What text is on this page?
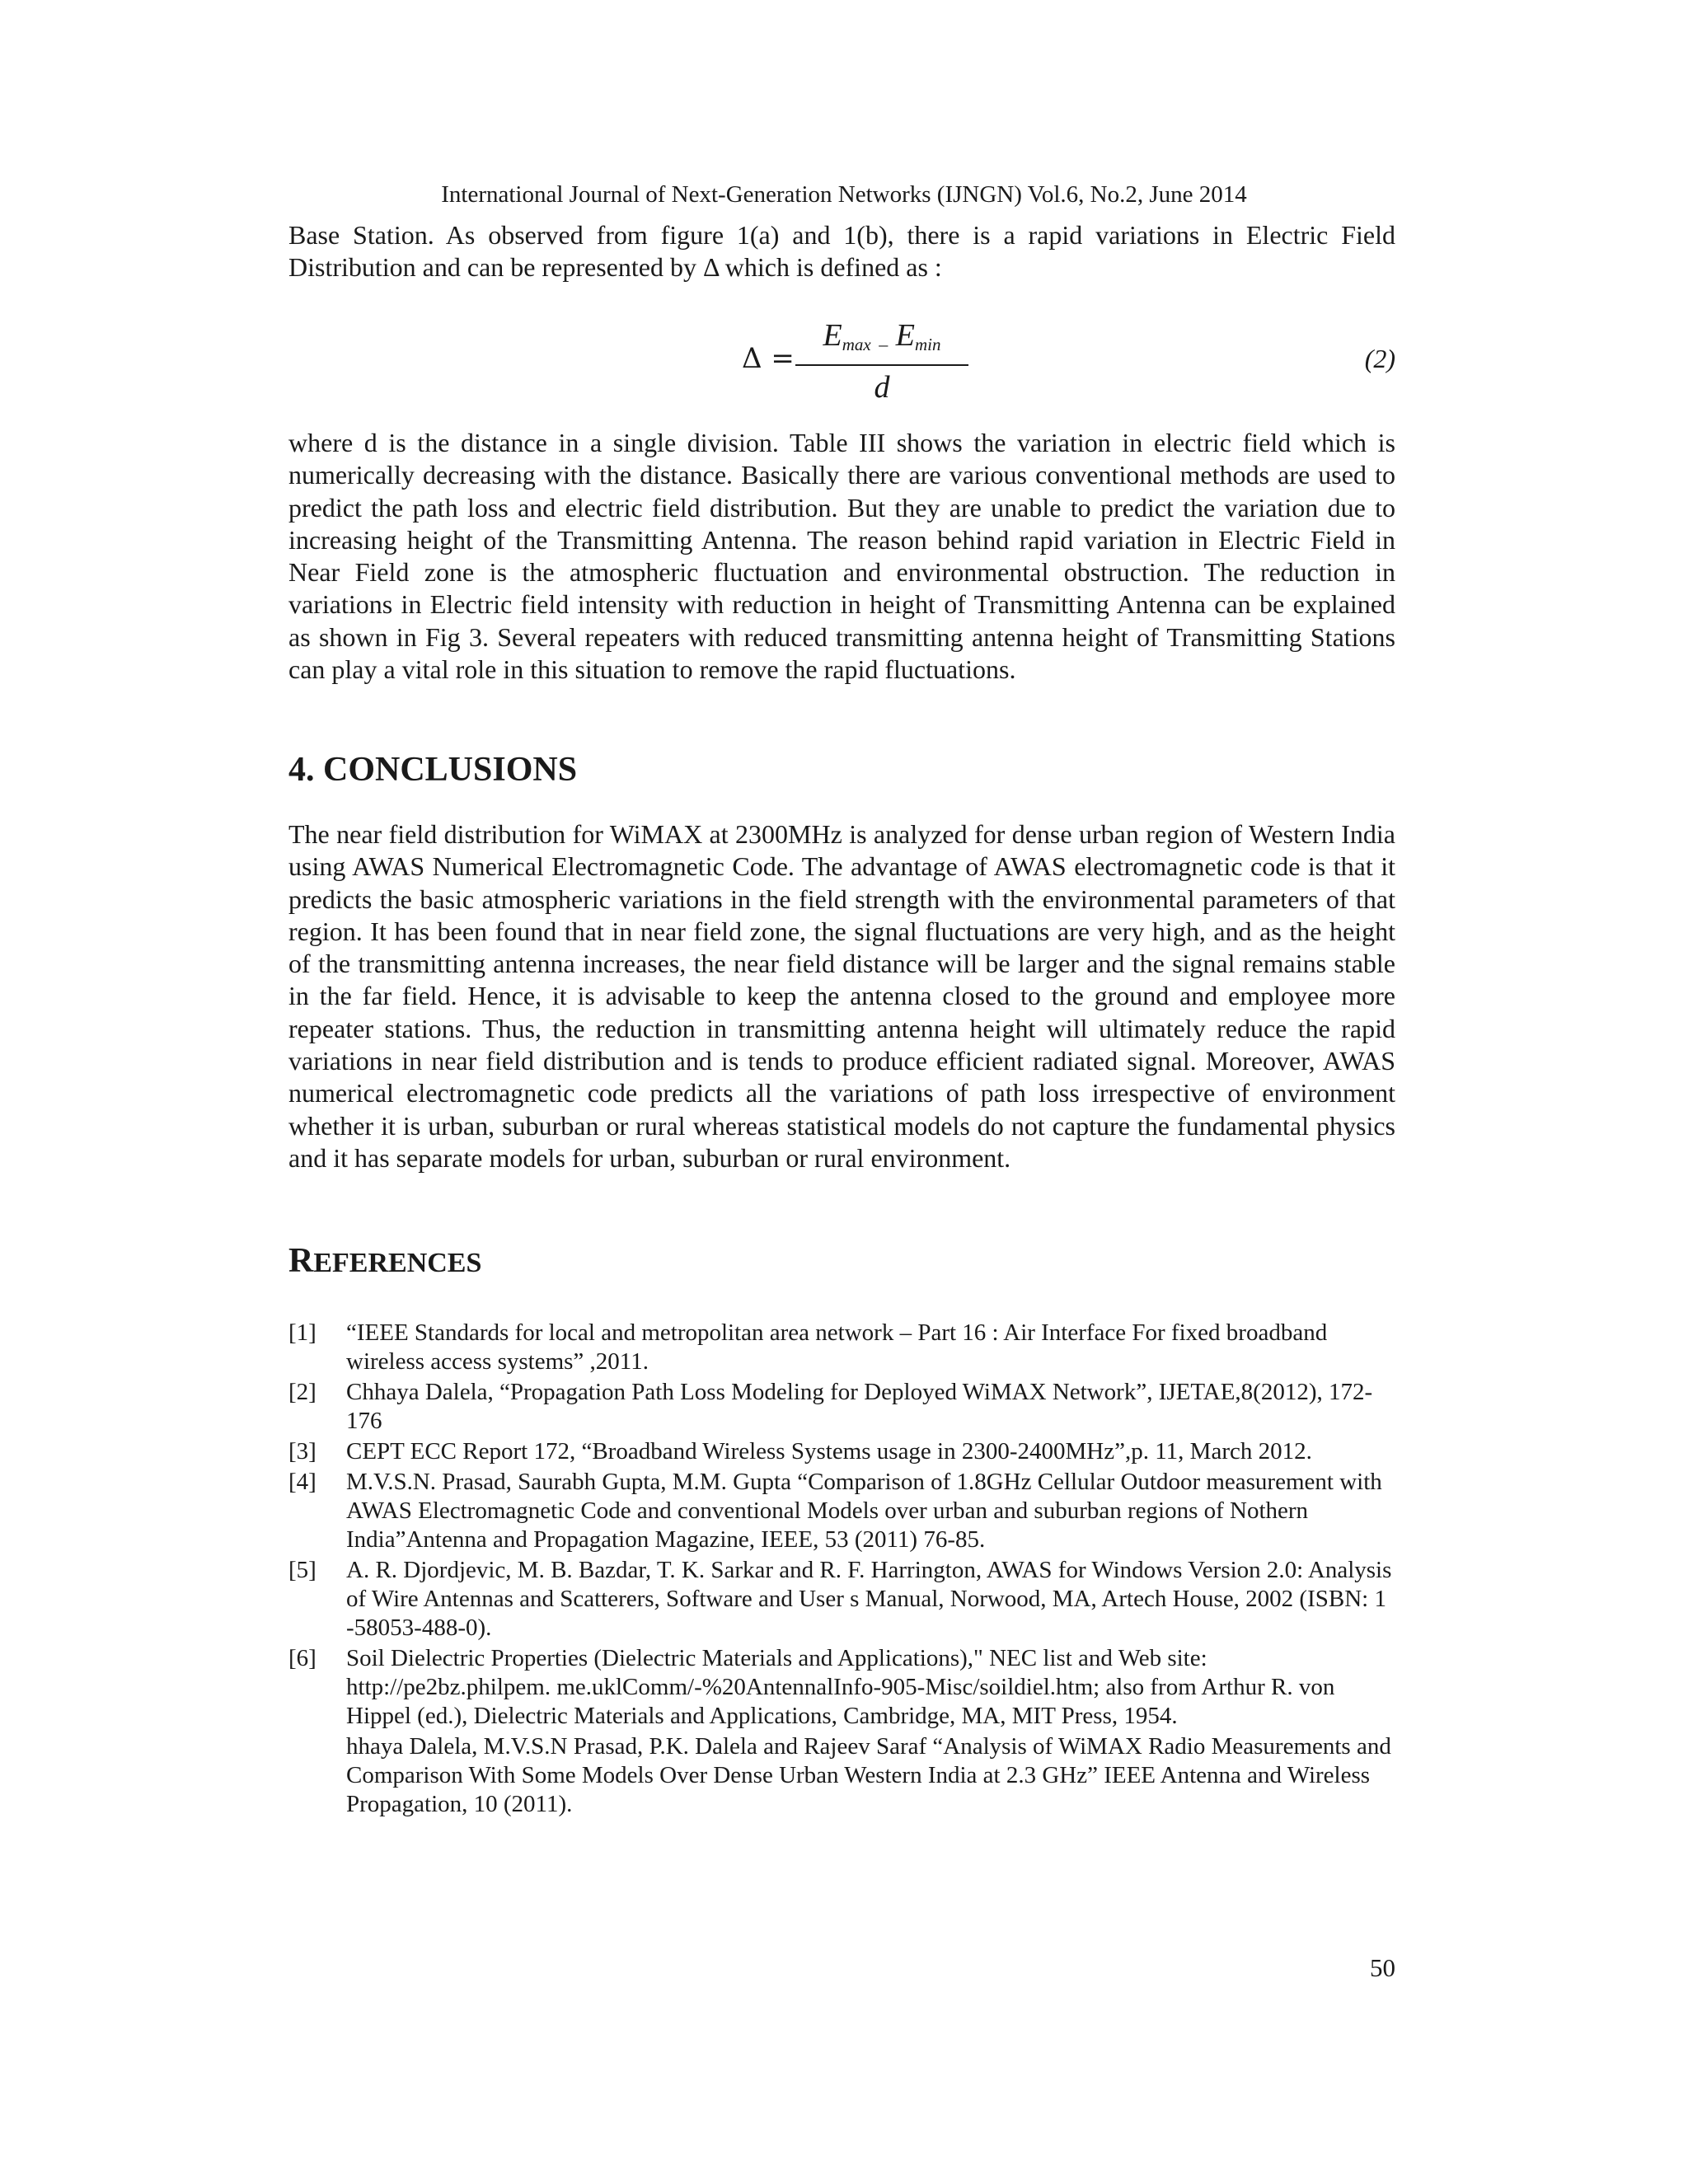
International Journal of Next-Generation Networks (IJNGN) Vol.6, No.2, June 2014

Base Station. As observed from figure 1(a) and 1(b), there is a rapid variations in Electric Field Distribution and can be represented by Δ which is defined as :

Δ =
$E_{max} - E_{min}$
d
(2)

where d is the distance in a single division. Table III shows the variation in electric field which is numerically decreasing with the distance. Basically there are various conventional methods are used to predict the path loss and electric field distribution. But they are unable to predict the variation due to increasing height of the Transmitting Antenna. The reason behind rapid variation in Electric Field in Near Field zone is the atmospheric fluctuation and environmental obstruction. The reduction in variations in Electric field intensity with reduction in height of Transmitting Antenna can be explained as shown in Fig 3. Several repeaters with reduced transmitting antenna height of Transmitting Stations can play a vital role in this situation to remove the rapid fluctuations.

4. CONCLUSIONS

The near field distribution for WiMAX at 2300MHz is analyzed for dense urban region of Western India using AWAS Numerical Electromagnetic Code. The advantage of AWAS electromagnetic code is that it predicts the basic atmospheric variations in the field strength with the environmental parameters of that region. It has been found that in near field zone, the signal fluctuations are very high, and as the height of the transmitting antenna increases, the near field distance will be larger and the signal remains stable in the far field. Hence, it is advisable to keep the antenna closed to the ground and employee more repeater stations. Thus, the reduction in transmitting antenna height will ultimately reduce the rapid variations in near field distribution and is tends to produce efficient radiated signal. Moreover, AWAS numerical electromagnetic code predicts all the variations of path loss irrespective of environment whether it is urban, suburban or rural whereas statistical models do not capture the fundamental physics and it has separate models for urban, suburban or rural environment.

REFERENCES
[1]	“IEEE Standards for local and metropolitan area network – Part 16 : Air Interface For fixed broadband wireless access systems” ,2011.
[2]	Chhaya Dalela, “Propagation Path Loss Modeling for Deployed WiMAX Network”, IJETAE,8(2012), 172-176
[3]	CEPT ECC Report 172, “Broadband Wireless Systems usage in 2300-2400MHz”,p. 11, March 2012.
[4]	M.V.S.N. Prasad, Saurabh Gupta, M.M. Gupta “Comparison of 1.8GHz Cellular Outdoor measurement with AWAS Electromagnetic Code and conventional Models over urban and suburban regions of Nothern India”Antenna and Propagation Magazine, IEEE, 53 (2011) 76-85.
[5]	A. R. Djordjevic, M. B. Bazdar, T. K. Sarkar and R. F. Harrington, AWAS for Windows Version 2.0: Analysis of Wire Antennas and Scatterers, Software and User s Manual, Norwood, MA, Artech House, 2002 (ISBN: 1 -58053-488-0).
[6]	Soil Dielectric Properties (Dielectric Materials and Applications)," NEC list and Web site: http://pe2bz.philpem. me.uklComm/-%20AntennalInfo-905-Misc/soildiel.htm; also from Arthur R. von Hippel (ed.), Dielectric Materials and Applications, Cambridge, MA, MIT Press, 1954.
hhaya Dalela, M.V.S.N Prasad, P.K. Dalela and Rajeev Saraf “Analysis of WiMAX Radio Measurements and Comparison With Some Models Over Dense Urban Western India at 2.3 GHz” IEEE Antenna and Wireless Propagation, 10 (2011).
50
